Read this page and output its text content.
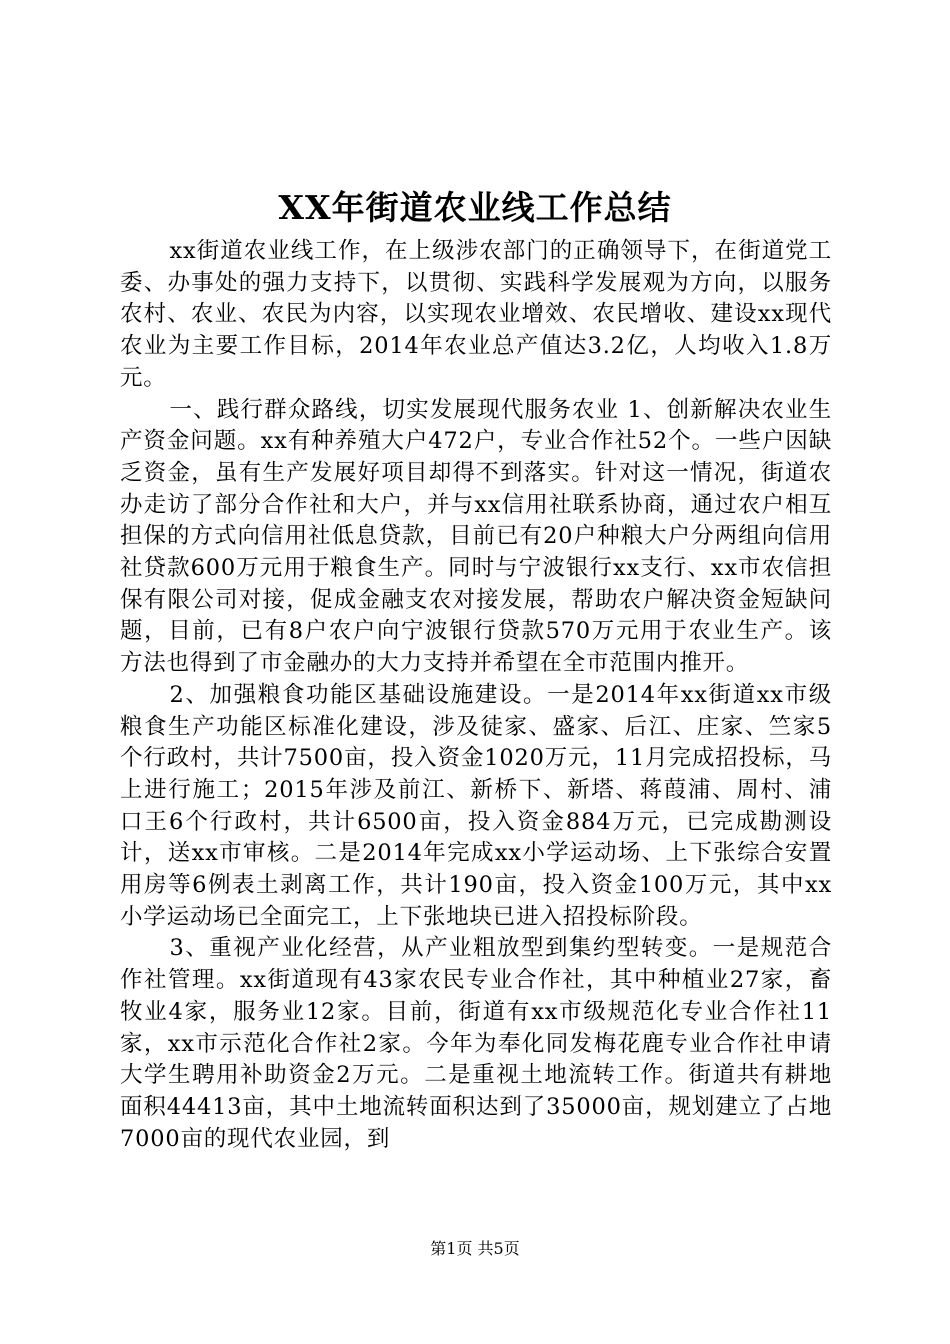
XX年街道农业线工作总结

xx街道农业线工作，在上级涉农部门的正确领导下，在街道党工委、办事处的强力支持下，以贯彻、实践科学发展观为方向，以服务农村、农业、农民为内容，以实现农业增效、农民增收、建设xx现代农业为主要工作目标，2014年农业总产值达3.2亿，人均收入1.8万元。

一、践行群众路线，切实发展现代服务农业 1、创新解决农业生产资金问题。xx有种养殖大户472户，专业合作社52个。一些户因缺乏资金，虽有生产发展好项目却得不到落实。针对这一情况，街道农办走访了部分合作社和大户，并与xx信用社联系协商，通过农户相互担保的方式向信用社低息贷款，目前已有20户种粮大户分两组向信用社贷款600万元用于粮食生产。同时与宁波银行xx支行、xx市农信担保有限公司对接，促成金融支农对接发展，帮助农户解决资金短缺问题，目前，已有8户农户向宁波银行贷款570万元用于农业生产。该方法也得到了市金融办的大力支持并希望在全市范围内推开。

2、加强粮食功能区基础设施建设。一是2014年xx街道xx市级粮食生产功能区标准化建设，涉及徒家、盛家、后江、庄家、竺家5个行政村，共计7500亩，投入资金1020万元，11月完成招投标，马上进行施工；2015年涉及前江、新桥下、新塔、蒋葭浦、周村、浦口王6个行政村，共计6500亩，投入资金884万元，已完成勘测设计，送xx市审核。二是2014年完成xx小学运动场、上下张综合安置用房等6例表土剥离工作，共计190亩，投入资金100万元，其中xx小学运动场已全面完工，上下张地块已进入招投标阶段。

3、重视产业化经营，从产业粗放型到集约型转变。一是规范合作社管理。xx街道现有43家农民专业合作社，其中种植业27家，畜牧业4家，服务业12家。目前，街道有xx市级规范化专业合作社11家，xx市示范化合作社2家。今年为奉化同发梅花鹿专业合作社申请大学生聘用补助资金2万元。二是重视土地流转工作。街道共有耕地面积44413亩，其中土地流转面积达到了35000亩，规划建立了占地7000亩的现代农业园，到

第1页 共5页
